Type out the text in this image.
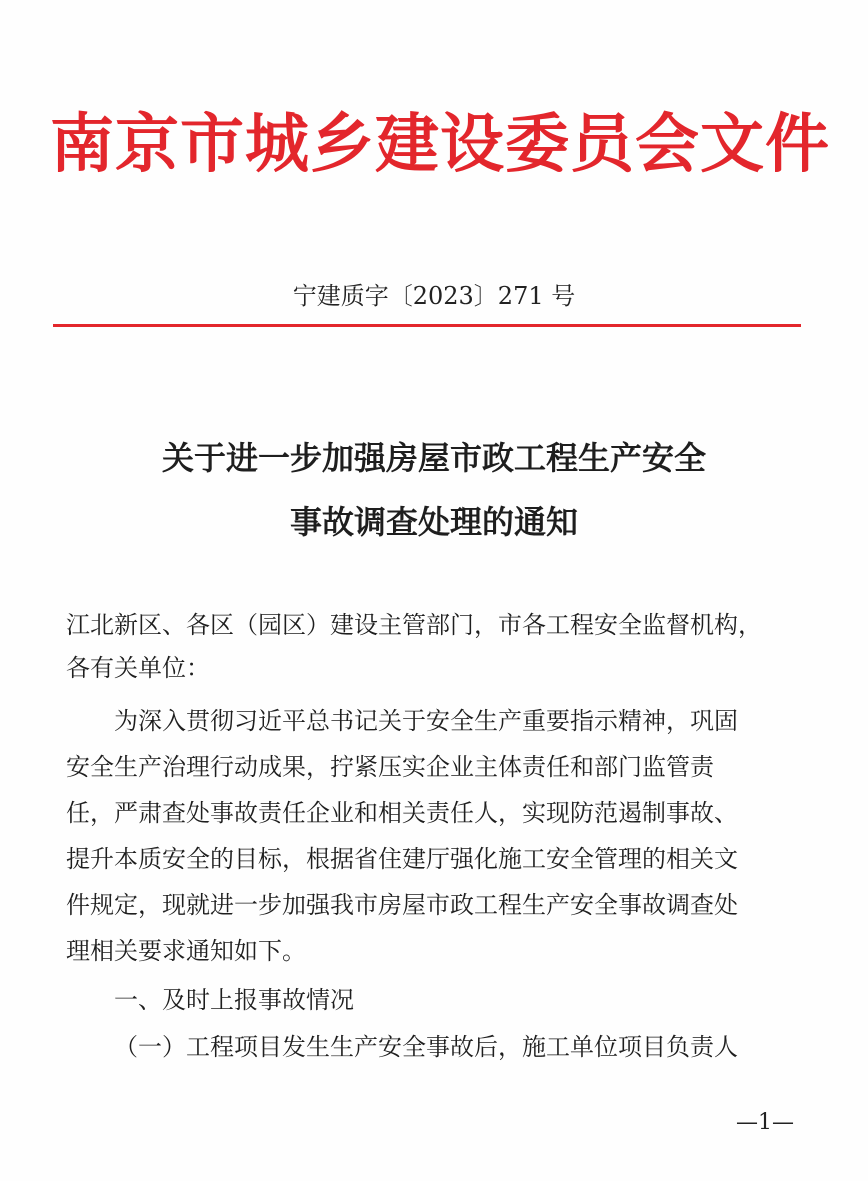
南京市城乡建设委员会文件
宁建质字〔2023〕271 号
关于进一步加强房屋市政工程生产安全
事故调查处理的通知
江北新区、各区（园区）建设主管部门，市各工程安全监督机构，
各有关单位：
为深入贯彻习近平总书记关于安全生产重要指示精神，巩固
安全生产治理行动成果，拧紧压实企业主体责任和部门监管责
任，严肃查处事故责任企业和相关责任人，实现防范遏制事故、
提升本质安全的目标，根据省住建厅强化施工安全管理的相关文
件规定，现就进一步加强我市房屋市政工程生产安全事故调查处
理相关要求通知如下。
一、及时上报事故情况
（一）工程项目发生生产安全事故后，施工单位项目负责人
—1—
